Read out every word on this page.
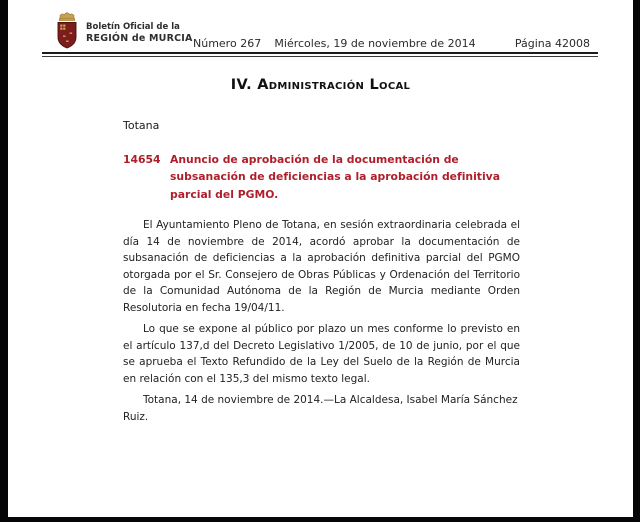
Boletín Oficial de la
REGIÓN de MURCIA Número 267 Miércoles, 19 de noviembre de 2014	Página 42008
IV. Administración Local

Totana

14654 Anuncio de aprobación de la documentación de subsanación de deficiencias a la aprobación definitiva parcial del PGMO.

El Ayuntamiento Pleno de Totana, en sesión extraordinaria celebrada el día 14 de noviembre de 2014, acordó aprobar la documentación de subsanación de deficiencias a la aprobación definitiva parcial del PGMO otorgada por el Sr. Consejero de Obras Públicas y Ordenación del Territorio de la Comunidad Autónoma de la Región de Murcia mediante Orden Resolutoria en fecha 19/04/11.

Lo que se expone al público por plazo un mes conforme lo previsto en el artículo 137,d del Decreto Legislativo 1/2005, de 10 de junio, por el que se aprueba el Texto Refundido de la Ley del Suelo de la Región de Murcia en relación con el 135,3 del mismo texto legal.

Totana, 14 de noviembre de 2014.—La Alcaldesa, Isabel María Sánchez Ruiz.
